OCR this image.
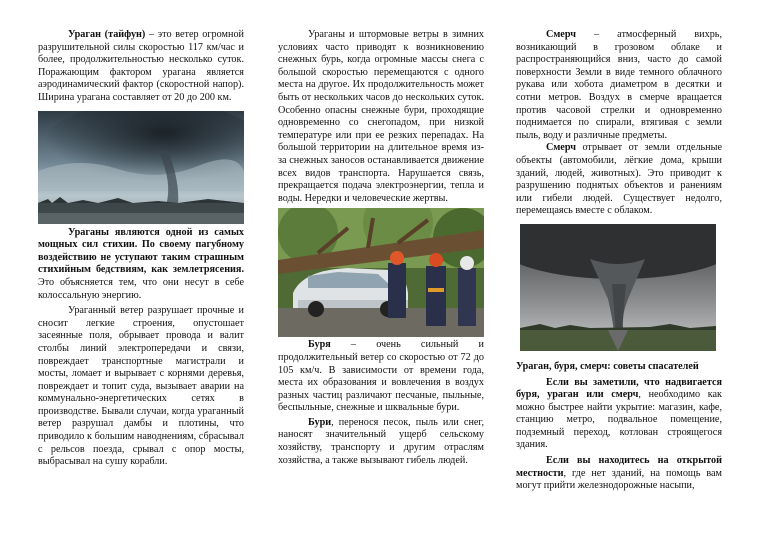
Ураган (тайфун) – это ветер огромной разрушительной силы скоростью 117 км/час и более, продолжительностью несколько суток. Поражающим фактором урагана является аэродинамический фактор (скоростной напор). Ширина урагана составляет от 20 до 200 км.

Ураганы являются одной из самых мощных сил стихии. По своему пагубному воздействию не уступают таким страшным стихийным бедствиям, как землетрясения. Это объясняется тем, что они несут в себе колоссальную энергию.

Ураганный ветер разрушает прочные и сносит легкие строения, опустошает засеянные поля, обрывает провода и валит столбы линий электропередачи и связи, повреждает транспортные магистрали и мосты, ломает и вырывает с корнями деревья, повреждает и топит суда, вызывает аварии на коммунально-энергетических сетях в производстве. Бывали случаи, когда ураганный ветер разрушал дамбы и плотины, что приводило к большим наводнениям, сбрасывал с рельсов поезда, срывал с опор мосты, выбрасывал на сушу корабли.

Ураганы и штормовые ветры в зимних условиях часто приводят к возникновению снежных бурь, когда огромные массы снега с большой скоростью перемещаются с одного места на другое. Их продолжительность может быть от нескольких часов до нескольких суток. Особенно опасны снежные бури, проходящие одновременно со снегопадом, при низкой температуре или при ее резких перепадах. На большой территории на длительное время из-за снежных заносов останавливается движение всех видов транспорта. Нарушается связь, прекращается подача электроэнергии, тепла и воды. Нередки и человеческие жертвы.

Буря – очень сильный и продолжительный ветер со скоростью от 72 до 105 км/ч. В зависимости от времени года, места их образования и вовлечения в воздух разных частиц различают песчаные, пыльные, беспыльные, снежные и шквальные бури.

Бури, перенося песок, пыль или снег, наносят значительный ущерб сельскому хозяйству, транспорту и другим отраслям хозяйства, а также вызывают гибель людей.

Смерч – атмосферный вихрь, возникающий в грозовом облаке и распространяющийся вниз, часто до самой поверхности Земли в виде темного облачного рукава или хобота диаметром в десятки и сотни метров. Воздух в смерче вращается против часовой стрелки и одновременно поднимается по спирали, втягивая с земли пыль, воду и различные предметы.

Смерч отрывает от земли отдельные объекты (автомобили, лёгкие дома, крыши зданий, людей, животных). Это приводит к разрушению поднятых объектов и ранениям или гибели людей. Существует недолго, перемещаясь вместе с облаком.

Ураган, буря, смерч: советы спасателей

Если вы заметили, что надвигается буря, ураган или смерч, необходимо как можно быстрее найти укрытие: магазин, кафе, станцию метро, подвальное помещение, подземный переход, котлован строящегося здания.

Если вы находитесь на открытой местности, где нет зданий, на помощь вам могут прийти железнодорожные насыпи,
